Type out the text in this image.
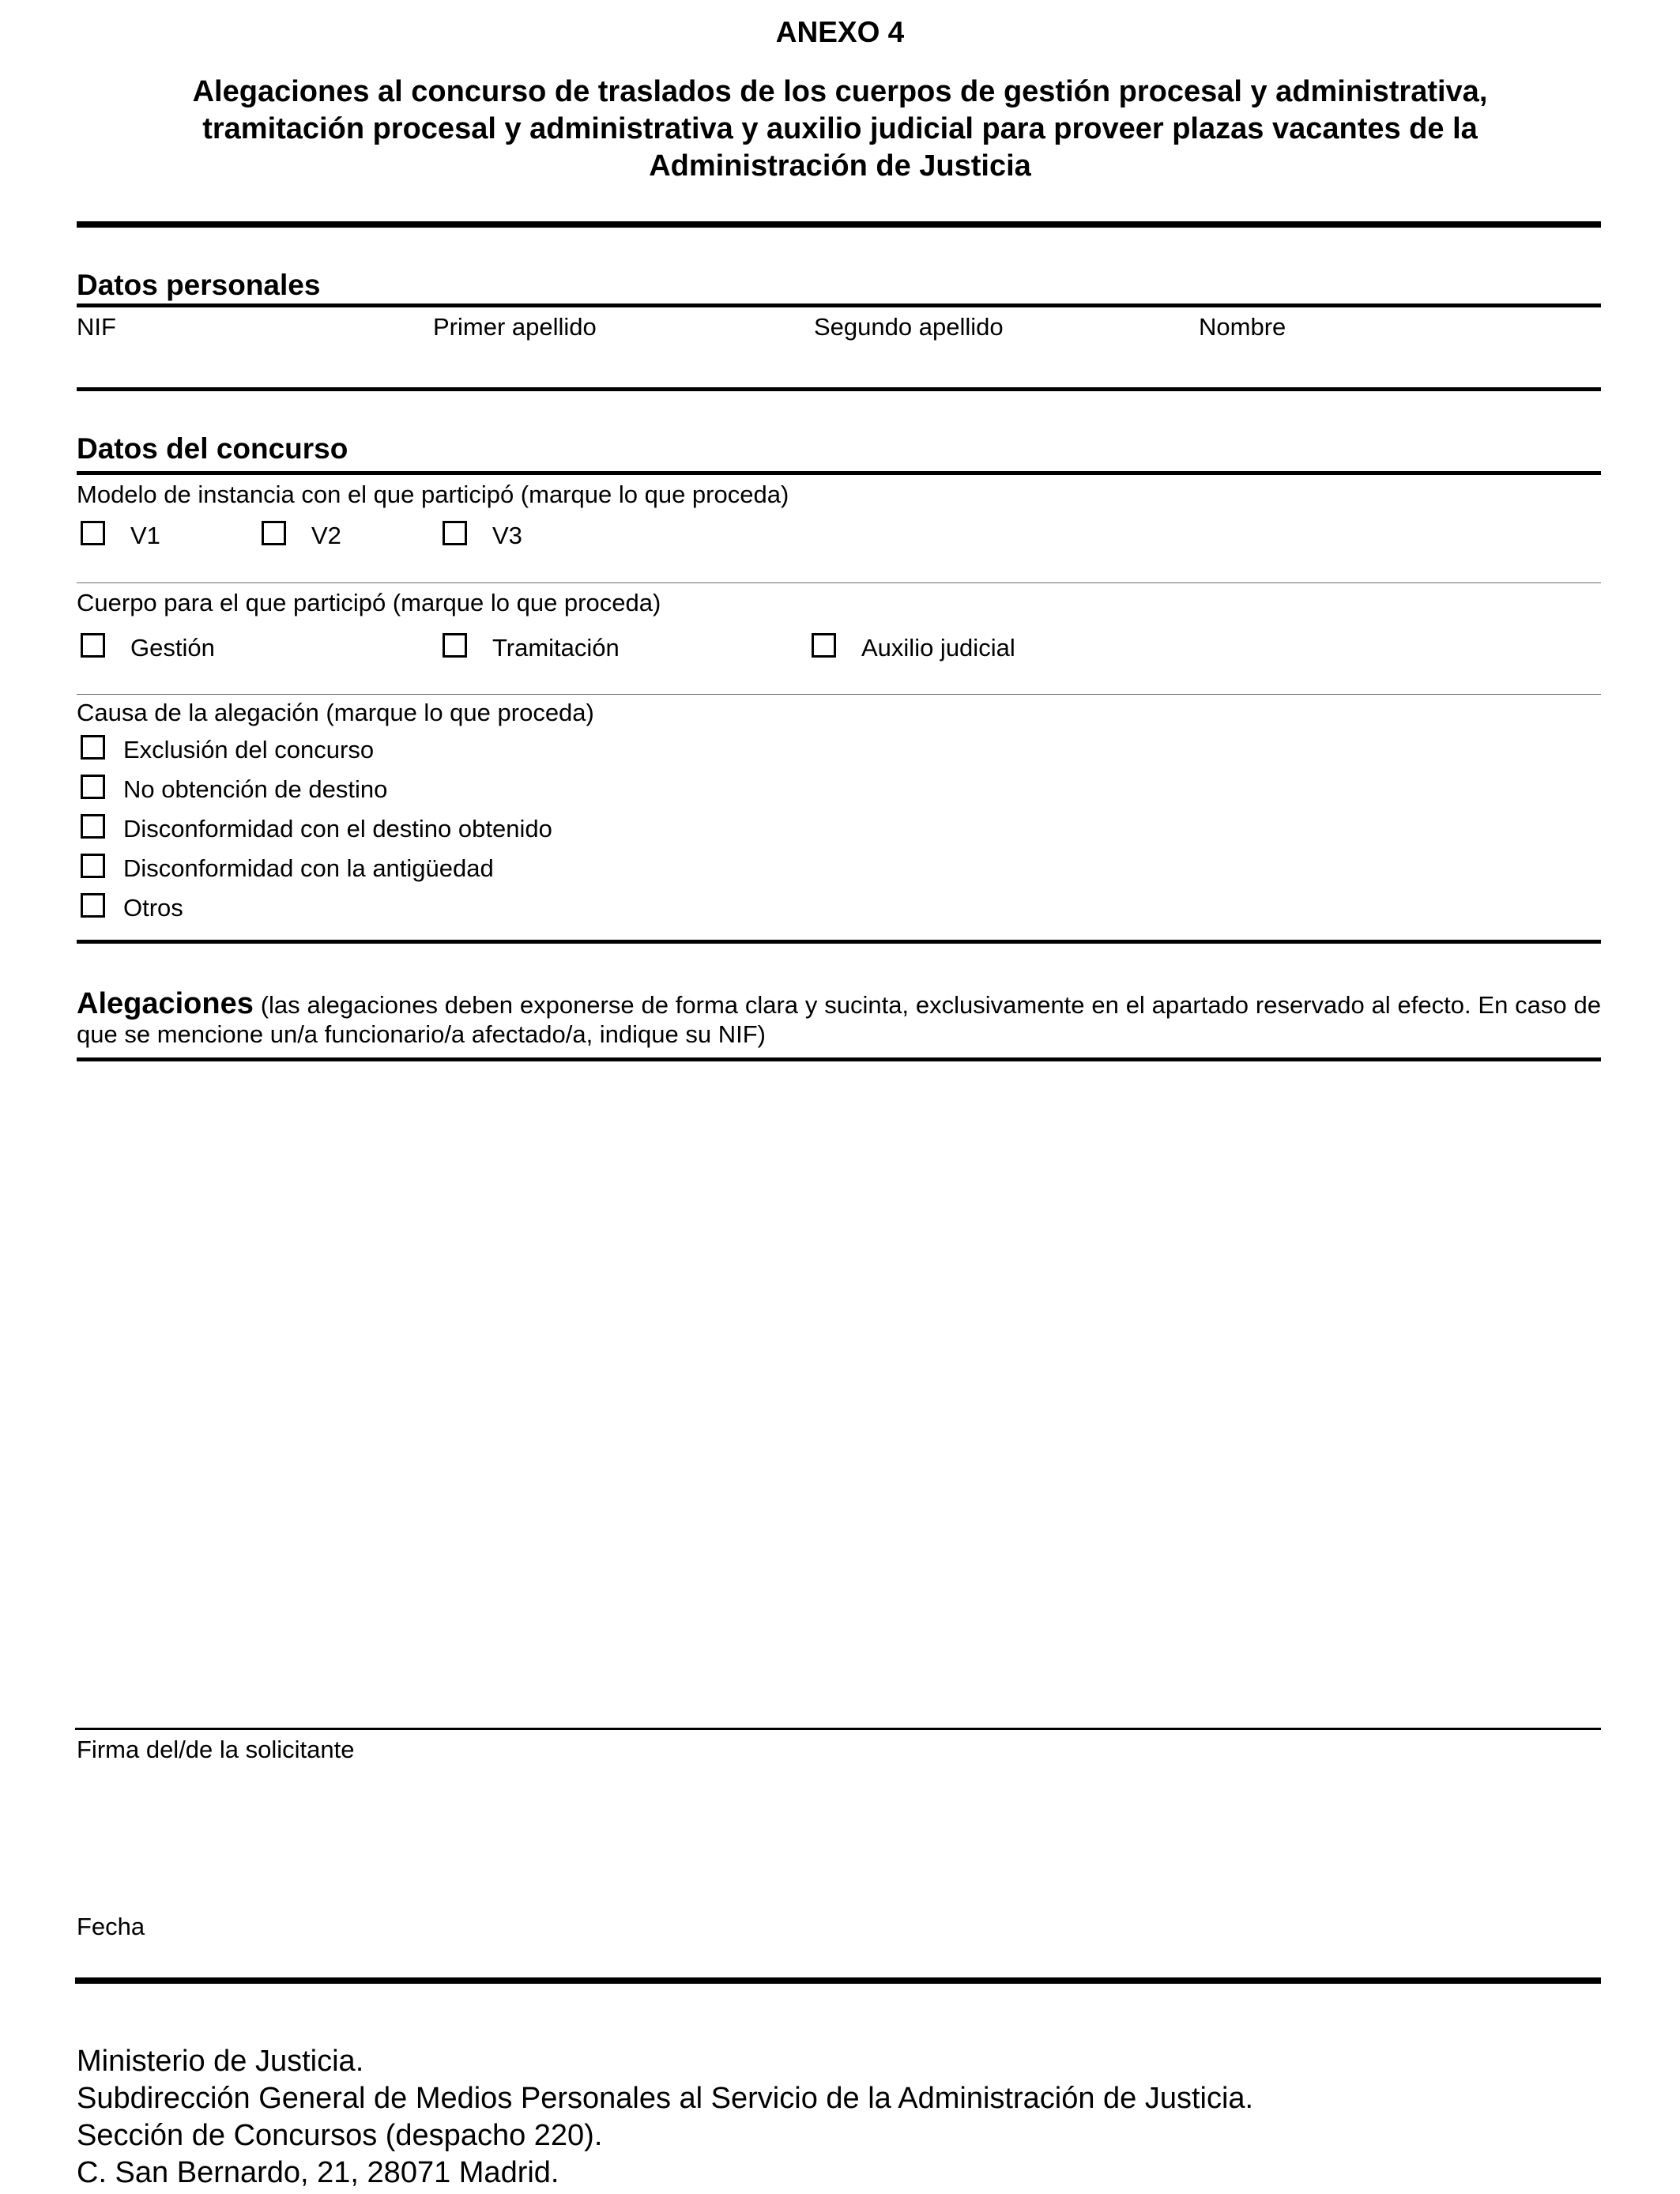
ANEXO 4
Alegaciones al concurso de traslados de los cuerpos de gestión procesal y administrativa, tramitación procesal y administrativa y auxilio judicial para proveer plazas vacantes de la Administración de Justicia
Datos personales
NIF	Primer apellido	Segundo apellido	Nombre
Datos del concurso
Modelo de instancia con el que participó (marque lo que proceda)
V1	V2	V3
Cuerpo para el que participó (marque lo que proceda)
Gestión	Tramitación	Auxilio judicial
Causa de la alegación (marque lo que proceda)
Exclusión del concurso
No obtención de destino
Disconformidad con el destino obtenido
Disconformidad con la antigüedad
Otros
Alegaciones (las alegaciones deben exponerse de forma clara y sucinta, exclusivamente en el apartado reservado al efecto. En caso de que se mencione un/a funcionario/a afectado/a, indique su NIF)
Firma del/de la solicitante
Fecha
Ministerio de Justicia.
Subdirección General de Medios Personales al Servicio de la Administración de Justicia.
Sección de Concursos (despacho 220).
C. San Bernardo, 21, 28071 Madrid.
